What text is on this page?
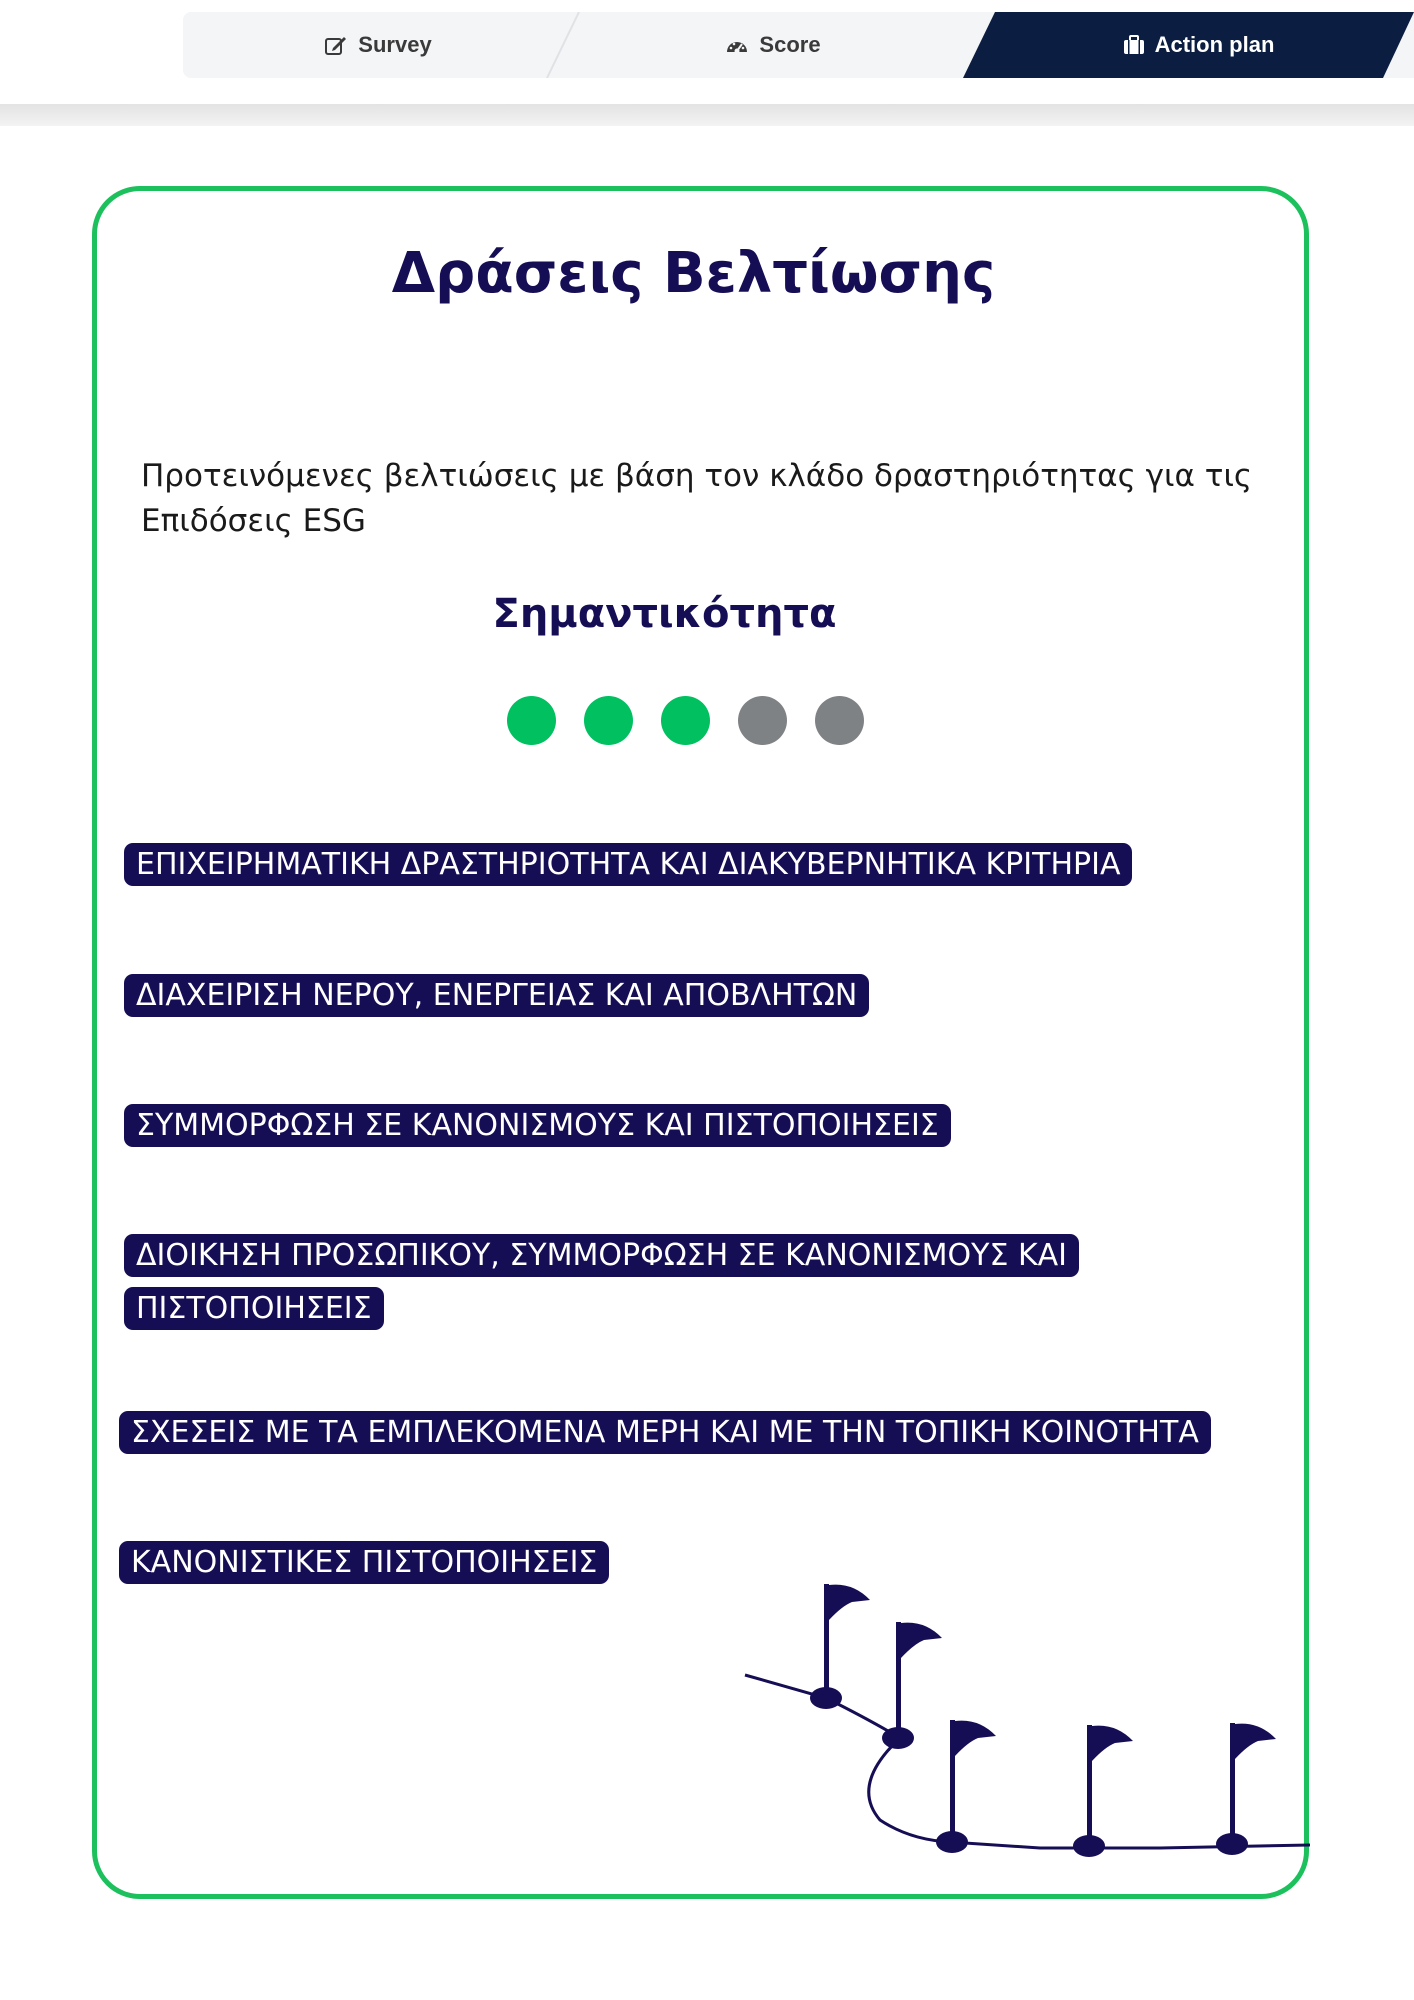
Survey	Score	Action plan
Δράσεις Βελτίωσης
Προτεινόμενες βελτιώσεις με βάση τον κλάδο δραστηριότητας για τις Επιδόσεις ESG
Σημαντικότητα
ΕΠΙΧΕΙΡΗΜΑΤΙΚΗ ΔΡΑΣΤΗΡΙΟΤΗΤΑ ΚΑΙ ΔΙΑΚΥΒΕΡΝΗΤΙΚΑ ΚΡΙΤΗΡΙΑ
ΔΙΑΧΕΙΡΙΣΗ ΝΕΡΟΥ, ΕΝΕΡΓΕΙΑΣ ΚΑΙ ΑΠΟΒΛΗΤΩΝ
ΣΥΜΜΟΡΦΩΣΗ ΣΕ ΚΑΝΟΝΙΣΜΟΥΣ ΚΑΙ ΠΙΣΤΟΠΟΙΗΣΕΙΣ
ΔΙΟΙΚΗΣΗ ΠΡΟΣΩΠΙΚΟΥ, ΣΥΜΜΟΡΦΩΣΗ ΣΕ ΚΑΝΟΝΙΣΜΟΥΣ ΚΑΙ ΠΙΣΤΟΠΟΙΗΣΕΙΣ
ΣΧΕΣΕΙΣ ΜΕ ΤΑ ΕΜΠΛΕΚΟΜΕΝΑ ΜΕΡΗ ΚΑΙ ΜΕ ΤΗΝ ΤΟΠΙΚΗ ΚΟΙΝΟΤΗΤΑ
ΚΑΝΟΝΙΣΤΙΚΕΣ ΠΙΣΤΟΠΟΙΗΣΕΙΣ
